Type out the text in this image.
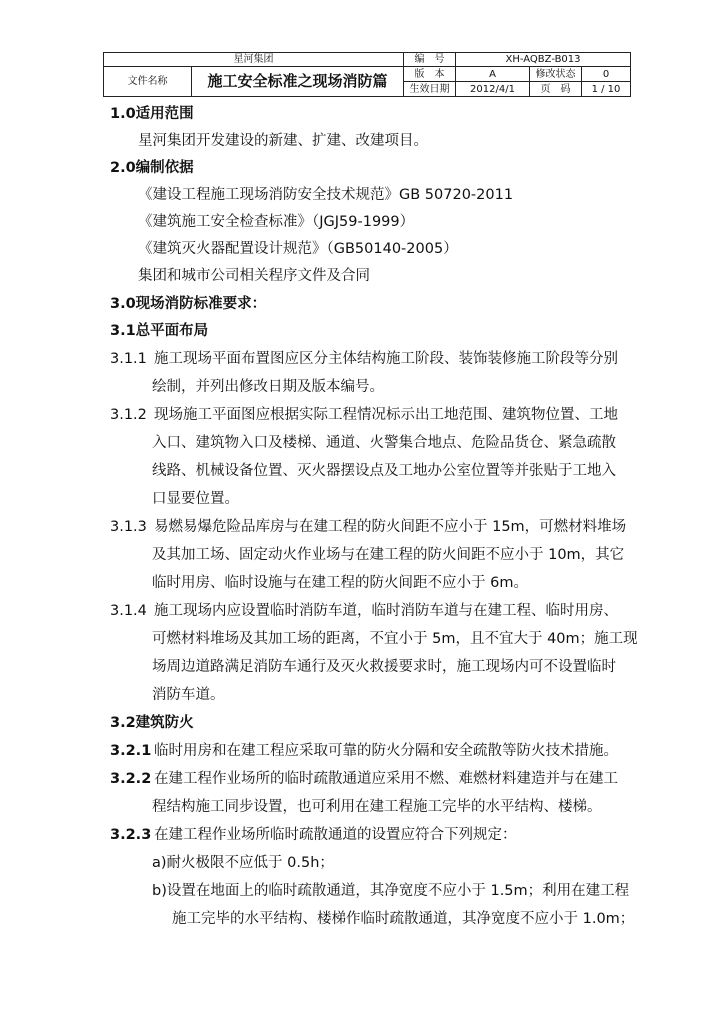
星河集团		编　号	XH-AQBZ-B013		
文件名称	施工安全标准之现场消防篇	版　本	A	修改状态	0
		生效日期	2012/4/1	页　码	1 / 10
1.0适用范围
星河集团开发建设的新建、扩建、改建项目。
2.0编制依据
《建设工程施工现场消防安全技术规范》GB 50720-2011
《建筑施工安全检查标准》（JGJ59-1999）
《建筑灭火器配置设计规范》（GB50140-2005）
集团和城市公司相关程序文件及合同
3.0现场消防标准要求：
3.1总平面布局
3.1.1 施工现场平面布置图应区分主体结构施工阶段、装饰装修施工阶段等分别
绘制，并列出修改日期及版本编号。
3.1.2 现场施工平面图应根据实际工程情况标示出工地范围、建筑物位置、工地
入口、建筑物入口及楼梯、通道、火警集合地点、危险品货仓、紧急疏散
线路、机械设备位置、灭火器摆设点及工地办公室位置等并张贴于工地入
口显要位置。
3.1.3 易燃易爆危险品库房与在建工程的防火间距不应小于 15m，可燃材料堆场
及其加工场、固定动火作业场与在建工程的防火间距不应小于 10m，其它
临时用房、临时设施与在建工程的防火间距不应小于 6m。
3.1.4 施工现场内应设置临时消防车道，临时消防车道与在建工程、临时用房、
可燃材料堆场及其加工场的距离，不宜小于 5m，且不宜大于 40m；施工现
场周边道路满足消防车通行及灭火救援要求时，施工现场内可不设置临时
消防车道。
3.2建筑防火
3.2.1 临时用房和在建工程应采取可靠的防火分隔和安全疏散等防火技术措施。
3.2.2 在建工程作业场所的临时疏散通道应采用不燃、难燃材料建造并与在建工
程结构施工同步设置，也可利用在建工程施工完毕的水平结构、楼梯。
3.2.3 在建工程作业场所临时疏散通道的设置应符合下列规定：
a)耐火极限不应低于 0.5h；
b)设置在地面上的临时疏散通道，其净宽度不应小于 1.5m；利用在建工程
施工完毕的水平结构、楼梯作临时疏散通道，其净宽度不应小于 1.0m；
